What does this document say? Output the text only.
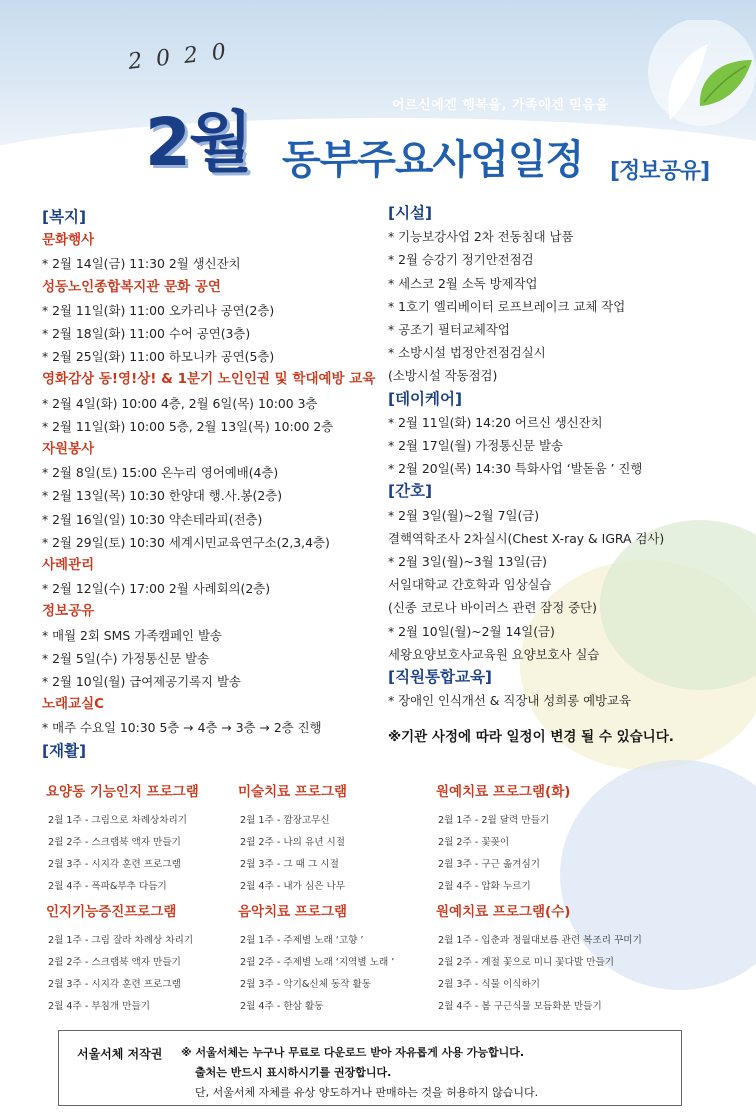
2020
어르신에겐 행복을, 가족에겐 믿음을
2월 동부주요사업일정 [정보공유]
[복지]
문화행사
* 2월 14일(금) 11:30 2월 생신잔치
성동노인종합복지관 문화 공연
* 2월 11일(화) 11:00 오카리나 공연(2층)
* 2월 18일(화) 11:00 수어 공연(3층)
* 2월 25일(화) 11:00 하모니카 공연(5층)
영화감상 동!영!상! & 1분기 노인인권 및 학대예방 교육
* 2월 4일(화) 10:00 4층, 2월 6일(목) 10:00 3층
* 2월 11일(화) 10:00 5층, 2월 13일(목) 10:00 2층
자원봉사
* 2월 8일(토) 15:00 온누리 영어예배(4층)
* 2월 13일(목) 10:30 한양대 행.사.봉(2층)
* 2월 16일(일) 10:30 약손테라피(전층)
* 2월 29일(토) 10:30 세계시민교육연구소(2,3,4층)
사례관리
* 2월 12일(수) 17:00 2월 사례회의(2층)
정보공유
* 매월 2회 SMS 가족캠페인 발송
* 2월 5일(수) 가정통신문 발송
* 2월 10일(월) 급여제공기록지 발송
노래교실C
* 매주 수요일 10:30 5층 → 4층 → 3층 → 2층 진행
[재활]
[시설]
* 기능보강사업 2차 전동침대 납품
* 2월 승강기 정기안전점검
* 세스코 2월 소독 방제작업
* 1호기 엘리베이터 로프브레이크 교체 작업
* 공조기 필터교체작업
* 소방시설 법정안전점검실시
(소방시설 작동점검)
[데이케어]
* 2월 11일(화) 14:20 어르신 생신잔치
* 2월 17일(월) 가정통신문 발송
* 2월 20일(목) 14:30 특화사업 ‘발돋움 ’ 진행
[간호]
* 2월 3일(월)~2월 7일(금)
결핵역학조사 2차실시(Chest X-ray & IGRA 검사)
* 2월 3일(월)~3월 13일(금)
서일대학교 간호학과 임상실습
(신종 코로나 바이러스 관련 잠정 중단)
* 2월 10일(월)~2월 14일(금)
세왕요양보호사교육원 요양보호사 실습
[직원통합교육]
* 장애인 인식개선 & 직장내 성희롱 예방교육
※기관 사정에 따라 일정이 변경 될 수 있습니다.
요양동 기능인지 프로그램
2월 1주 - 그림으로 차례상차리기
2월 2주 - 스크랩북 액자 만들기
2월 3주 - 시지각 훈련 프로그램
2월 4주 - 폭파&부추 다듬기
미술치료 프로그램
2월 1주 - 깜장고무신
2월 2주 - 나의 유년 시절
2월 3주 - 그 때 그 시절
2월 4주 - 내가 심은 나무
원예치료 프로그램(화)
2월 1주 - 2월 달력 만들기
2월 2주 - 꽃꽂이
2월 3주 - 구근 옮겨심기
2월 4주 - 압화 누르기
인지기능증진프로그램
2월 1주 - 그림 잘라 차례상 차리기
2월 2주 - 스크랩북 액자 만들기
2월 3주 - 시지각 훈련 프로그램
2월 4주 - 부침개 만들기
음악치료 프로그램
2월 1주 - 주제별 노래 ‘고향 ’
2월 2주 - 주제별 노래 ‘지역별 노래 ’
2월 3주 - 악기&신체 동작 활동
2월 4주 - 한삼 활동
원예치료 프로그램(수)
2월 1주 - 입춘과 정월대보름 관련 복조리 꾸미기
2월 2주 - 계절 꽃으로 미니 꽃다발 만들기
2월 3주 - 식물 이식하기
2월 4주 - 봄 구근식물 모듬화분 만들기
서울서체 저작권 ※ 서울서체는 누구나 무료로 다운로드 받아 자유롭게 사용 가능합니다.
출처는 반드시 표시하시기를 권장합니다.
단, 서울서체 자체를 유상 양도하거나 판매하는 것을 허용하지 않습니다.
